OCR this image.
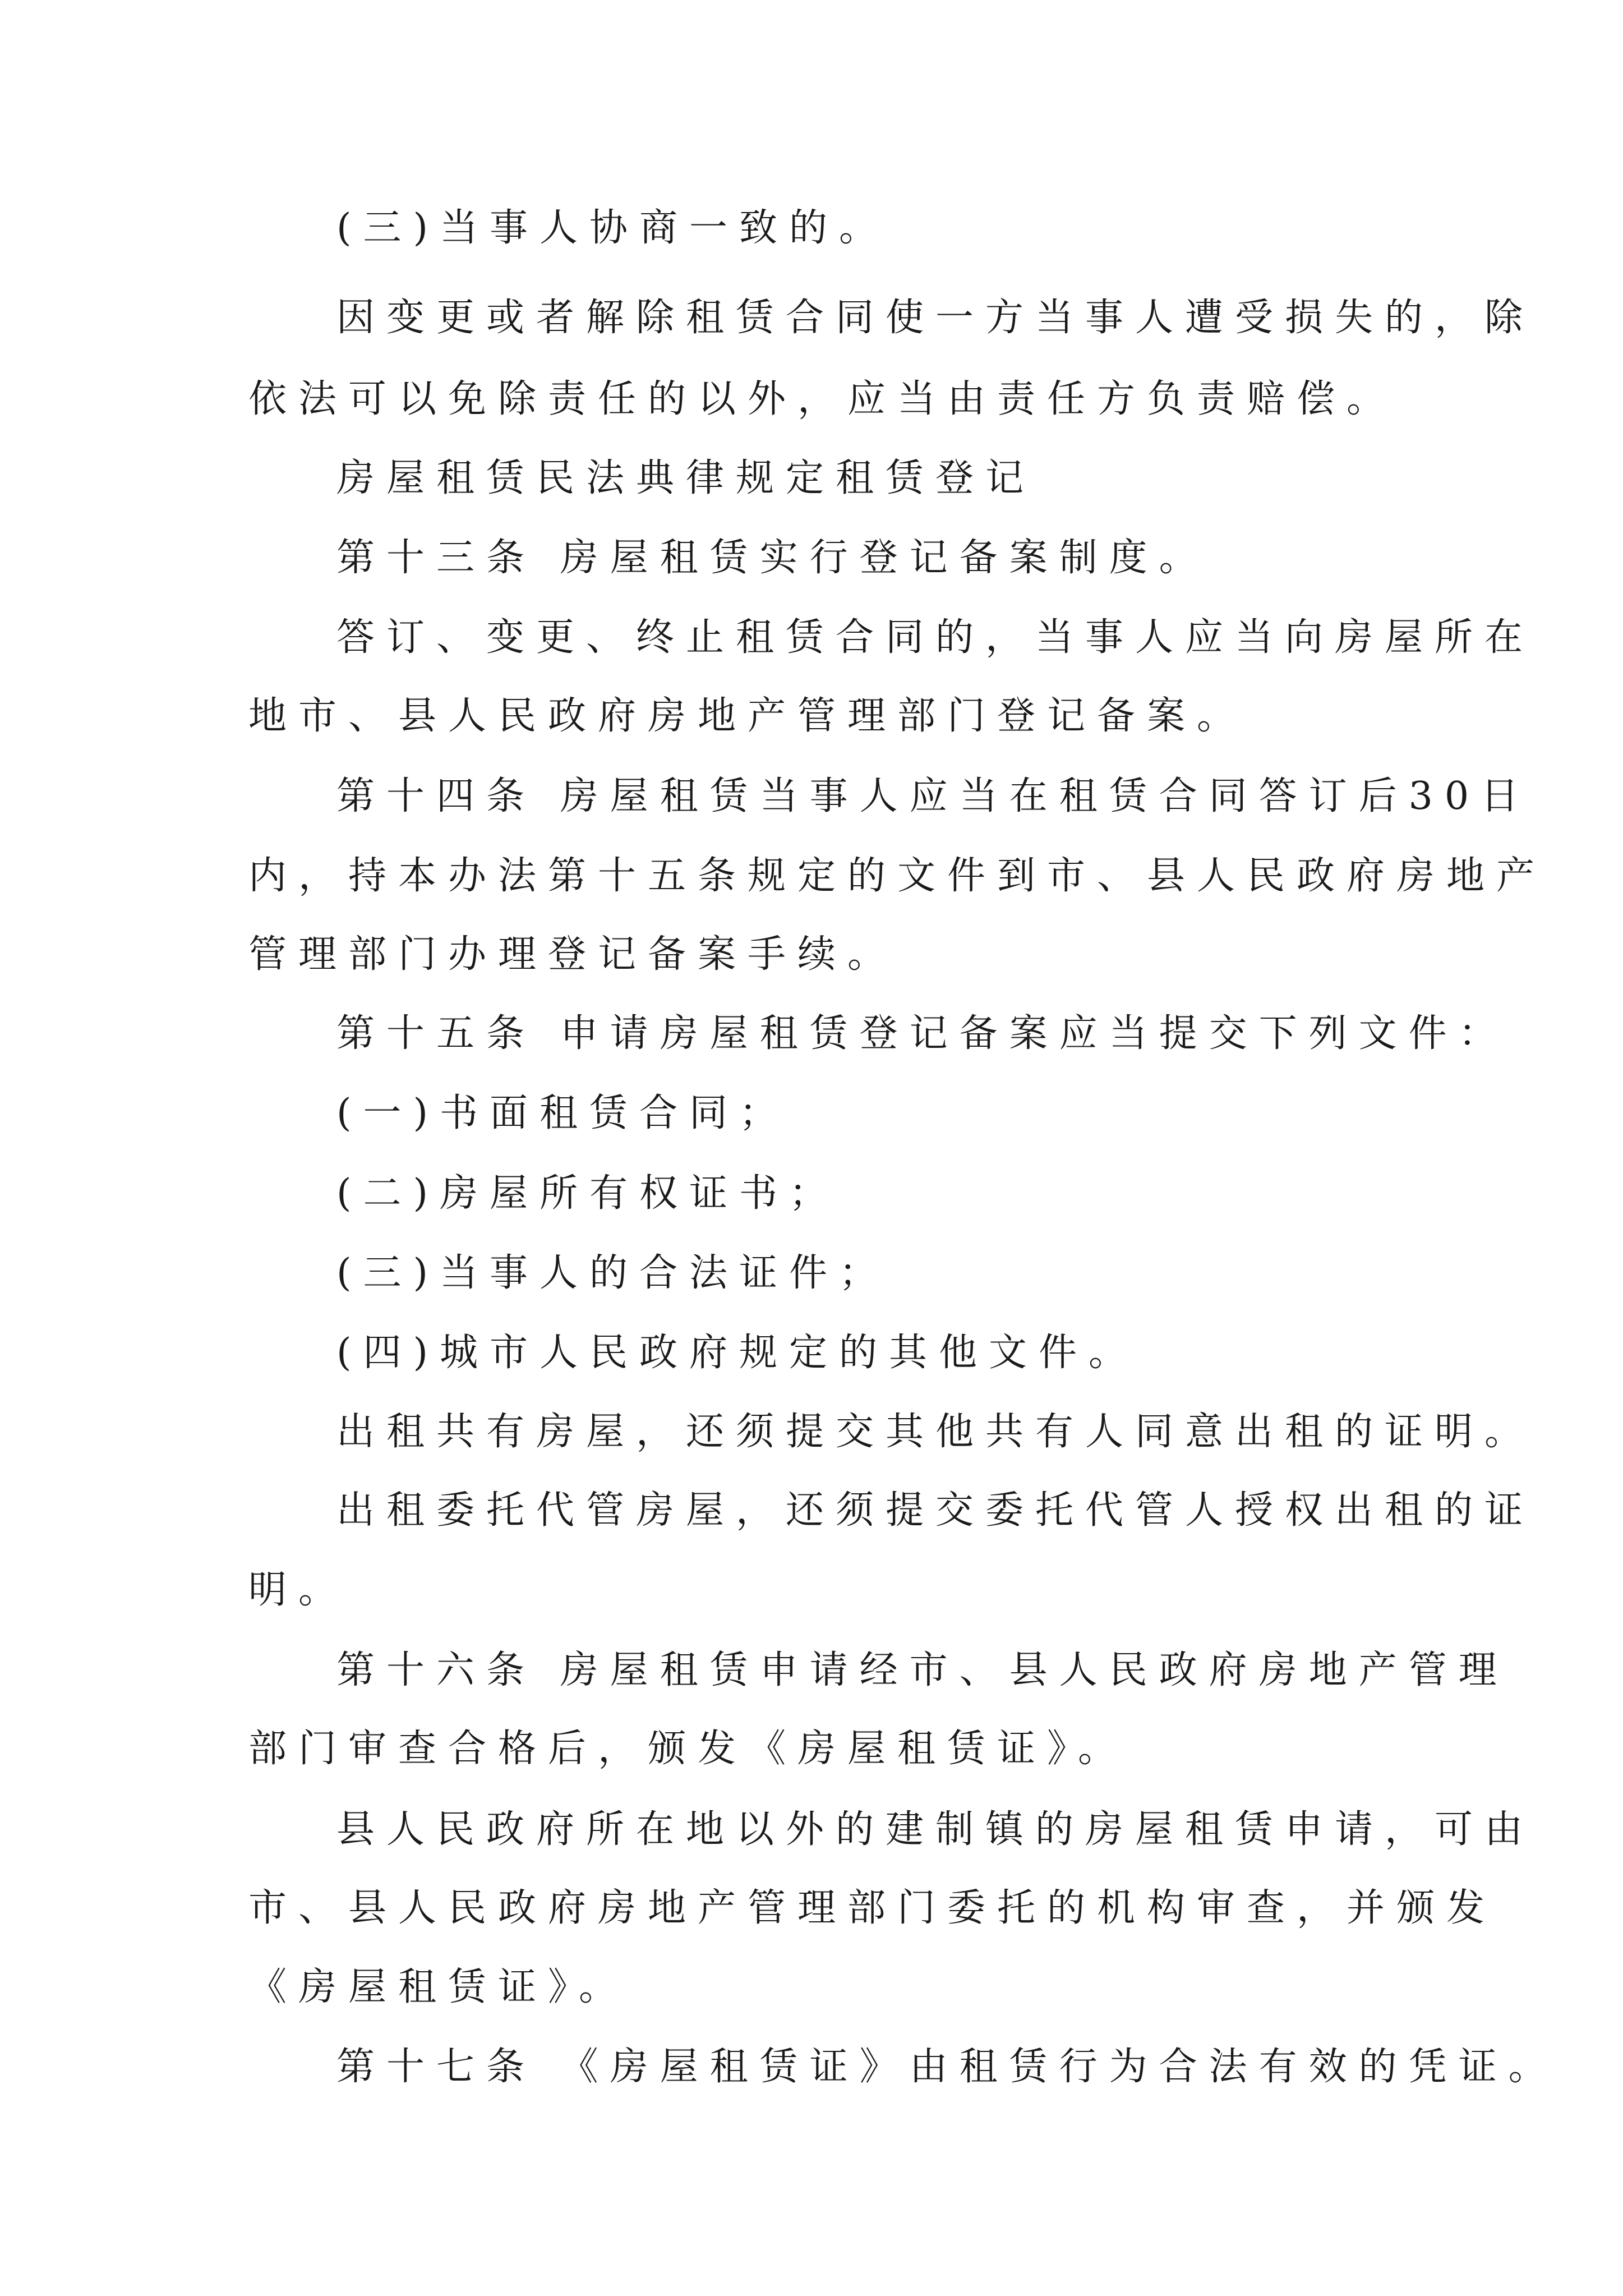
(三)当事人协商一致的。
因变更或者解除租赁合同使一方当事人遭受损失的，除
依法可以免除责任的以外，应当由责任方负责赔偿。
房屋租赁民法典律规定租赁登记
第十三条 房屋租赁实行登记备案制度。
答订、变更、终止租赁合同的，当事人应当向房屋所在
地市、县人民政府房地产管理部门登记备案。
第十四条 房屋租赁当事人应当在租赁合同答订后30日
内，持本办法第十五条规定的文件到市、县人民政府房地产
管理部门办理登记备案手续。
第十五条 申请房屋租赁登记备案应当提交下列文件：
(一)书面租赁合同；
(二)房屋所有权证书；
(三)当事人的合法证件；
(四)城市人民政府规定的其他文件。
出租共有房屋，还须提交其他共有人同意出租的证明。
出租委托代管房屋，还须提交委托代管人授权出租的证
明。
第十六条 房屋租赁申请经市、县人民政府房地产管理
部门审查合格后，颁发《房屋租赁证》。
县人民政府所在地以外的建制镇的房屋租赁申请，可由
市、县人民政府房地产管理部门委托的机构审查，并颁发
《房屋租赁证》。
第十七条 《房屋租赁证》由租赁行为合法有效的凭证。
